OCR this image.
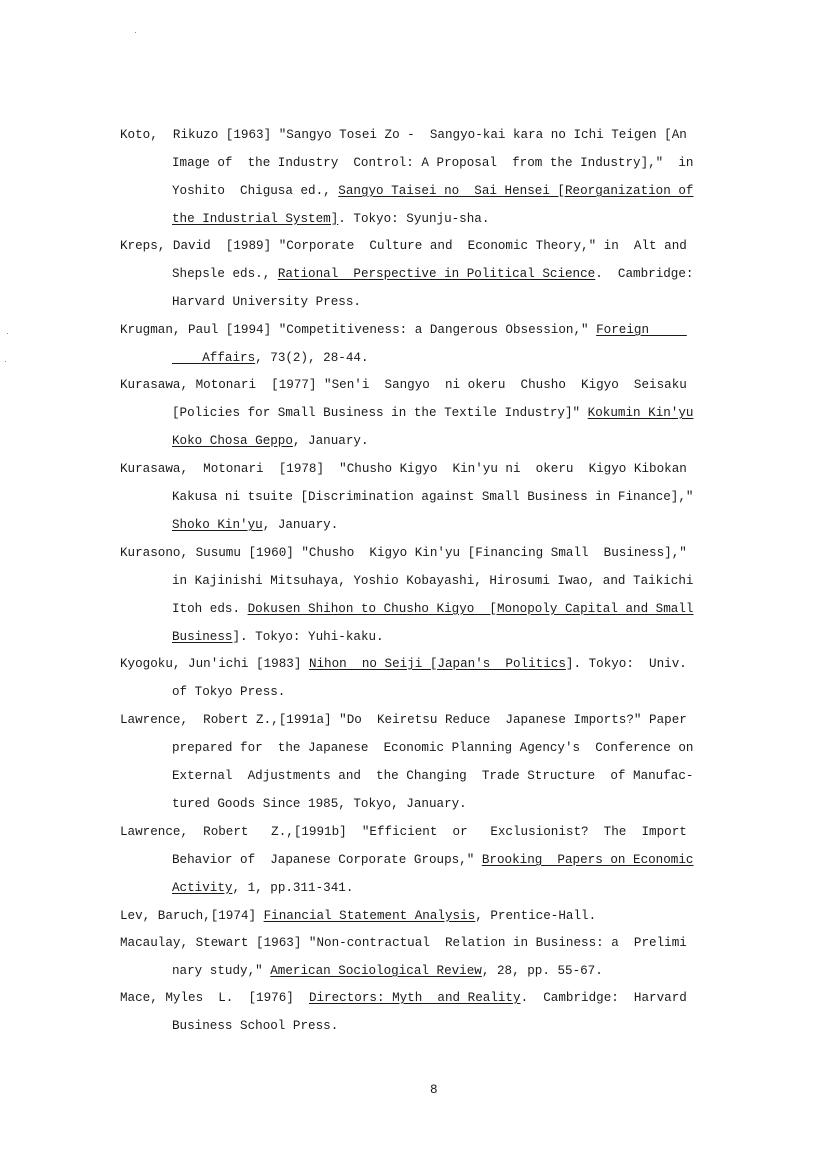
Koto,  Rikuzo [1963] "Sangyo Tosei Zo -  Sangyo-kai kara no Ichi Teigen [An
Image of  the Industry  Control: A Proposal  from the Industry],"  in
Yoshito  Chigusa ed., Sangyo Taisei no  Sai Hensei [Reorganization of
the Industrial System]. Tokyo: Syunju-sha.
Kreps, David  [1989] "Corporate  Culture and  Economic Theory," in  Alt and
Shepsle eds., Rational  Perspective in Political Science.  Cambridge:
Harvard University Press.
Krugman, Paul [1994] "Competitiveness: a Dangerous Obsession," Foreign
Affairs, 73(2), 28-44.
Kurasawa, Motonari  [1977] "Sen'i  Sangyo  ni okeru  Chusho  Kigyo  Seisaku
[Policies for Small Business in the Textile Industry]" Kokumin Kin'yu
Koko Chosa Geppo, January.
Kurasawa,  Motonari  [1978]  "Chusho Kigyo  Kin'yu ni  okeru  Kigyo Kibokan
Kakusa ni tsuite [Discrimination against Small Business in Finance],"
Shoko Kin'yu, January.
Kurasono, Susumu [1960] "Chusho  Kigyo Kin'yu [Financing Small  Business],"
in Kajinishi Mitsuhaya, Yoshio Kobayashi, Hirosumi Iwao, and Taikichi
Itoh eds. Dokusen Shihon to Chusho Kigyo  [Monopoly Capital and Small
Business]. Tokyo: Yuhi-kaku.
Kyogoku, Jun'ichi [1983] Nihon  no Seiji [Japan's  Politics]. Tokyo:  Univ.
of Tokyo Press.
Lawrence,  Robert Z.,[1991a] "Do  Keiretsu Reduce  Japanese Imports?" Paper
prepared for  the Japanese  Economic Planning Agency's  Conference on
External  Adjustments and  the Changing  Trade Structure  of Manufac-
tured Goods Since 1985, Tokyo, January.
Lawrence,  Robert   Z.,[1991b]  "Efficient  or   Exclusionist?  The  Import
Behavior of  Japanese Corporate Groups," Brooking  Papers on Economic
Activity, 1, pp.311-341.
Lev, Baruch,[1974] Financial Statement Analysis, Prentice-Hall.
Macaulay, Stewart [1963] "Non-contractual  Relation in Business: a  Prelimi
nary study," American Sociological Review, 28, pp. 55-67.
Mace, Myles  L.  [1976]  Directors: Myth  and Reality.  Cambridge:  Harvard
Business School Press.
8
